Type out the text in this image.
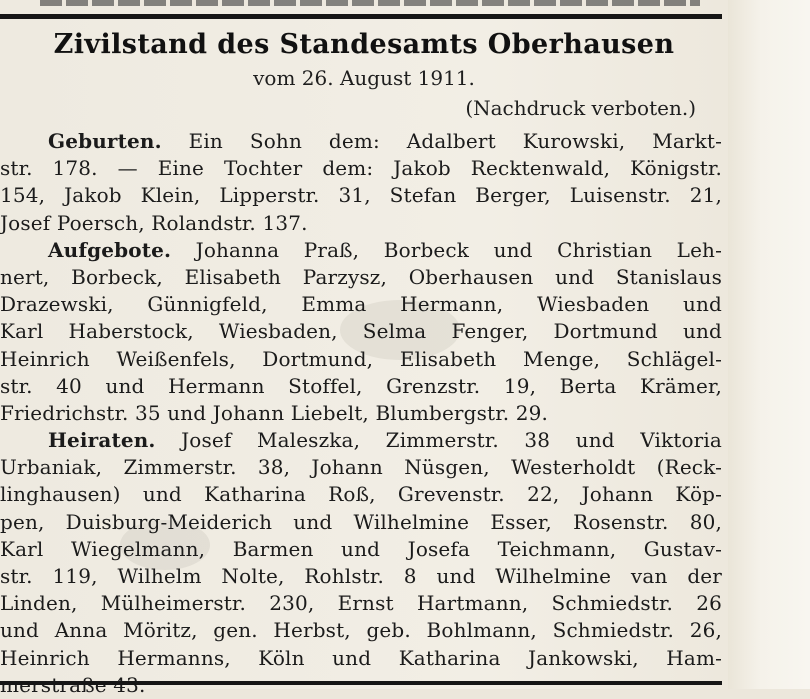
Zivilstand des Standesamts Oberhausen
vom 26. August 1911.
(Nachdruck verboten.)
Geburten. Ein Sohn dem: Adalbert Kurowski, Markt-
str. 178. — Eine Tochter dem: Jakob Recktenwald, Königstr.
154, Jakob Klein, Lipperstr. 31, Stefan Berger, Luisenstr. 21,
Josef Poersch, Rolandstr. 137.
Aufgebote. Johanna Praß, Borbeck und Christian Leh-
nert, Borbeck, Elisabeth Parzysz, Oberhausen und Stanislaus
Drazewski, Günnigfeld, Emma Hermann, Wiesbaden und
Karl Haberstock, Wiesbaden, Selma Fenger, Dortmund und
Heinrich Weißenfels, Dortmund, Elisabeth Menge, Schlägel-
str. 40 und Hermann Stoffel, Grenzstr. 19, Berta Krämer,
Friedrichstr. 35 und Johann Liebelt, Blumbergstr. 29.
Heiraten. Josef Maleszka, Zimmerstr. 38 und Viktoria
Urbaniak, Zimmerstr. 38, Johann Nüsgen, Westerholdt (Reck-
linghausen) und Katharina Roß, Grevenstr. 22, Johann Köp-
pen, Duisburg-Meiderich und Wilhelmine Esser, Rosenstr. 80,
Karl Wiegelmann, Barmen und Josefa Teichmann, Gustav-
str. 119, Wilhelm Nolte, Rohlstr. 8 und Wilhelmine van der
Linden, Mülheimerstr. 230, Ernst Hartmann, Schmiedstr. 26
und Anna Möritz, gen. Herbst, geb. Bohlmann, Schmiedstr. 26,
Heinrich Hermanns, Köln und Katharina Jankowski, Ham-
